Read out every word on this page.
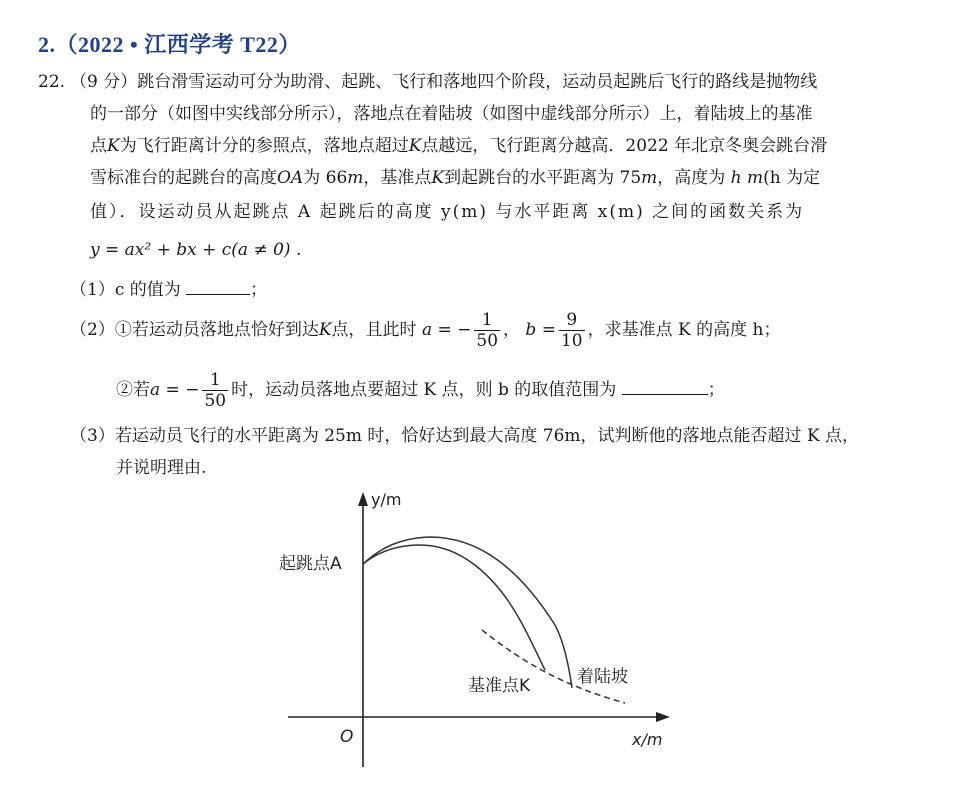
2.（2022 • 江西学考 T22）
22. （9 分）跳台滑雪运动可分为助滑、起跳、飞行和落地四个阶段，运动员起跳后飞行的路线是抛物线
的一部分（如图中实线部分所示），落地点在着陆坡（如图中虚线部分所示）上，着陆坡上的基准
点K为飞行距离计分的参照点，落地点超过K点越远，飞行距离分越高．2022 年北京冬奥会跳台滑
雪标准台的起跳台的高度OA为 66m，基准点K到起跳台的水平距离为 75m，高度为 h m(h 为定
值）．设运动员从起跳点 A 起跳后的高度 y(m) 与水平距离 x(m) 之间的函数关系为
y = ax² + bx + c(a ≠ 0) .
（1）c 的值为	；
（2）①若运动员落地点恰好到达K点，且此时 a = − $\frac{1}{50}$ ， $b = \frac{9}{10}$ ，求基准点 K 的高度 h；
②若a = − $\frac{1}{50}$ 时，运动员落地点要超过 K 点，则 b 的取值范围为	；
（3）若运动员飞行的水平距离为 25m 时，恰好达到最大高度 76m，试判断他的落地点能否超过 K 点，
并说明理由.
y/m
x/m
O
起跳点A
基准点K	着陆坡
